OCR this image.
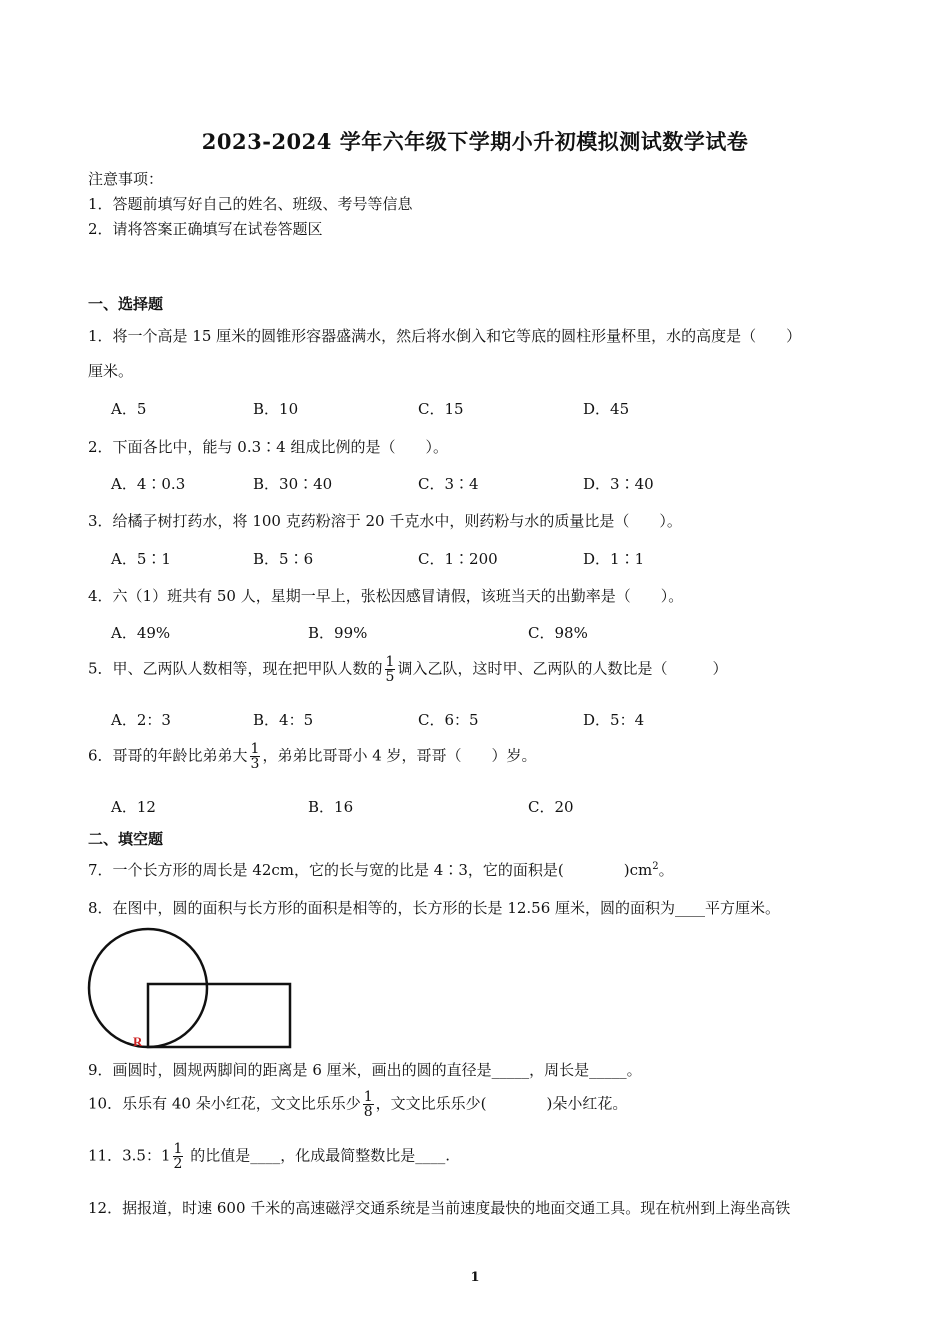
2023-2024 学年六年级下学期小升初模拟测试数学试卷
注意事项：
1．答题前填写好自己的姓名、班级、考号等信息
2．请将答案正确填写在试卷答题区
一、选择题
1．将一个高是 15 厘米的圆锥形容器盛满水，然后将水倒入和它等底的圆柱形量杯里，水的高度是（　　）
厘米。
A．5	B．10	C．15	D．45
2．下面各比中，能与 0.3∶4 组成比例的是（　　）。
A．4∶0.3	B．30∶40	C．3∶4	D．3∶40
3．给橘子树打药水，将 100 克药粉溶于 20 千克水中，则药粉与水的质量比是（　　）。
A．5∶1	B．5∶6	C．1∶200	D．1∶1
4．六（1）班共有 50 人，星期一早上，张松因感冒请假，该班当天的出勤率是（　　）。
A．49%	B．99%	C．98%
5．甲、乙两队人数相等，现在把甲队人数的 $\frac{1}{5}$ 调入乙队，这时甲、乙两队的人数比是（　　　）
A．2：3	B．4：5	C．6：5	D．5：4
6．哥哥的年龄比弟弟大 $\frac{1}{3}$ ，弟弟比哥哥小 4 岁，哥哥（　　）岁。
A．12	B．16	C．20
二、填空题
7．一个长方形的周长是 42cm，它的长与宽的比是 4∶3，它的面积是(　　　　)$cm^2$。
8．在图中，圆的面积与长方形的面积是相等的，长方形的长是 12.56 厘米，圆的面积为____平方厘米。
R
9．画圆时，圆规两脚间的距离是 6 厘米，画出的圆的直径是_____，周长是_____。
10．乐乐有 40 朵小红花，文文比乐乐少 $\frac{1}{8}$ ，文文比乐乐少(　　　　)朵小红花。
11．3.5：$1 \frac{1}{2}$ 的比值是____，化成最简整数比是____.
12．据报道，时速 600 千米的高速磁浮交通系统是当前速度最快的地面交通工具。现在杭州到上海坐高铁
1
